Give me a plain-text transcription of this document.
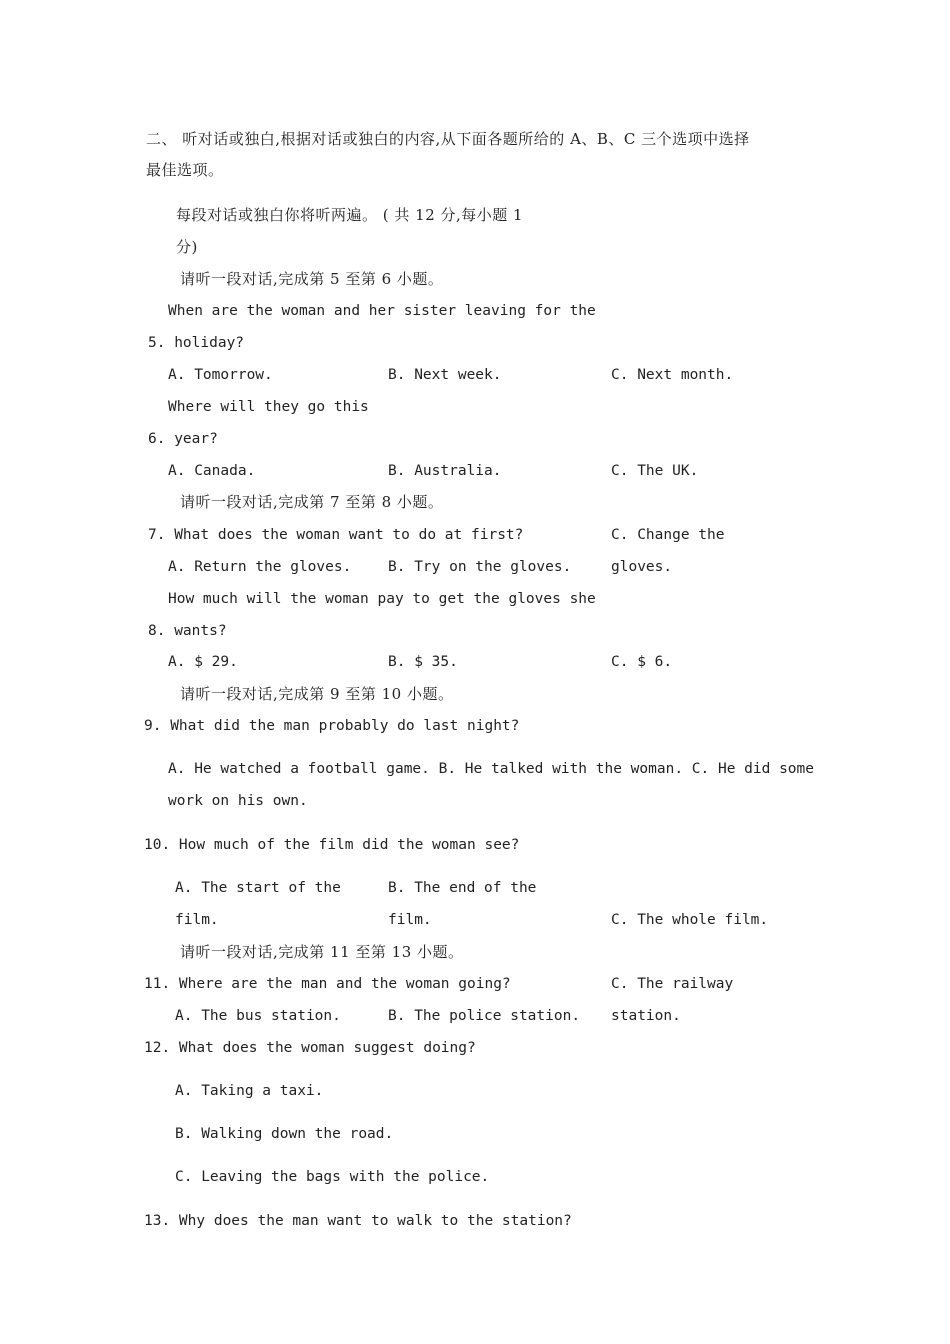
二、 听对话或独白,根据对话或独白的内容,从下面各题所给的 A、B、C 三个选项中选择
最佳选项。
每段对话或独白你将听两遍。 ( 共 12 分,每小题 1
分)
请听一段对话,完成第 5 至第 6 小题。
When are the woman and her sister leaving for the
5. holiday?
A. Tomorrow.	B. Next week.	C. Next month.
Where will they go this
6. year?
A. Canada.	B. Australia.	C. The UK.
请听一段对话,完成第 7 至第 8 小题。
7. What does the woman want to do at first?	C. Change the
A. Return the gloves.	B. Try on the gloves.	gloves.
How much will the woman pay to get the gloves she
8. wants?
A. $ 29.	B. $ 35.	C. $ 6.
请听一段对话,完成第 9 至第 10 小题。
9. What did the man probably do last night?
A. He watched a football game. B. He talked with the woman. C. He did some
work on his own.
10. How much of the film did the woman see?
A. The start of the	B. The end of the
film.	film.	C. The whole film.
请听一段对话,完成第 11 至第 13 小题。
11. Where are the man and the woman going?	C. The railway
A. The bus station.	B. The police station. station.
12. What does the woman suggest doing?
A. Taking a taxi.
B. Walking down the road.
C. Leaving the bags with the police.
13. Why does the man want to walk to the station?
